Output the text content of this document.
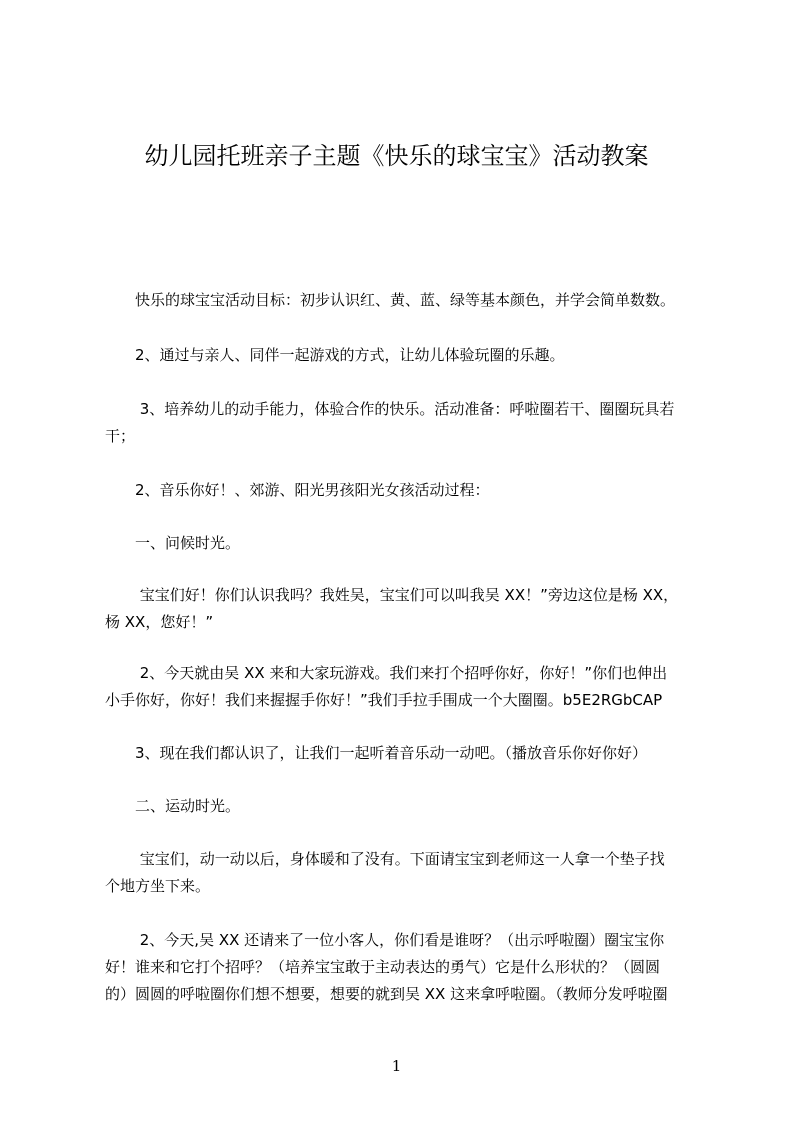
幼儿园托班亲子主题《快乐的球宝宝》活动教案
　　快乐的球宝宝活动目标：初步认识红、黄、蓝、绿等基本颜色，并学会简单数数。
　　2、通过与亲人、同伴一起游戏的方式，让幼儿体验玩圈的乐趣。
　　 3、培养幼儿的动手能力，体验合作的快乐。活动准备：呼啦圈若干、圈圈玩具若
干；
　　2、音乐你好！、郊游、阳光男孩阳光女孩活动过程：
　　一、问候时光。
　　 宝宝们好！你们认识我吗？我姓吴，宝宝们可以叫我吴 XX！”旁边这位是杨 XX，
杨 XX，您好！”
　　 2、今天就由吴 XX 来和大家玩游戏。我们来打个招呼你好，你好！”你们也伸出
小手你好，你好！我们来握握手你好！”我们手拉手围成一个大圈圈。b5E2RGbCAP
　　3、现在我们都认识了，让我们一起听着音乐动一动吧。（播放音乐你好你好）
　　二、运动时光。
　　 宝宝们，动一动以后，身体暖和了没有。下面请宝宝到老师这一人拿一个垫子找
个地方坐下来。
　　 2、今天,吴 XX 还请来了一位小客人，你们看是谁呀？（出示呼啦圈）圈宝宝你
好！谁来和它打个招呼？（培养宝宝敢于主动表达的勇气）它是什么形状的？（圆圆
的）圆圆的呼啦圈你们想不想要，想要的就到吴 XX 这来拿呼啦圈。（教师分发呼啦圈
1
